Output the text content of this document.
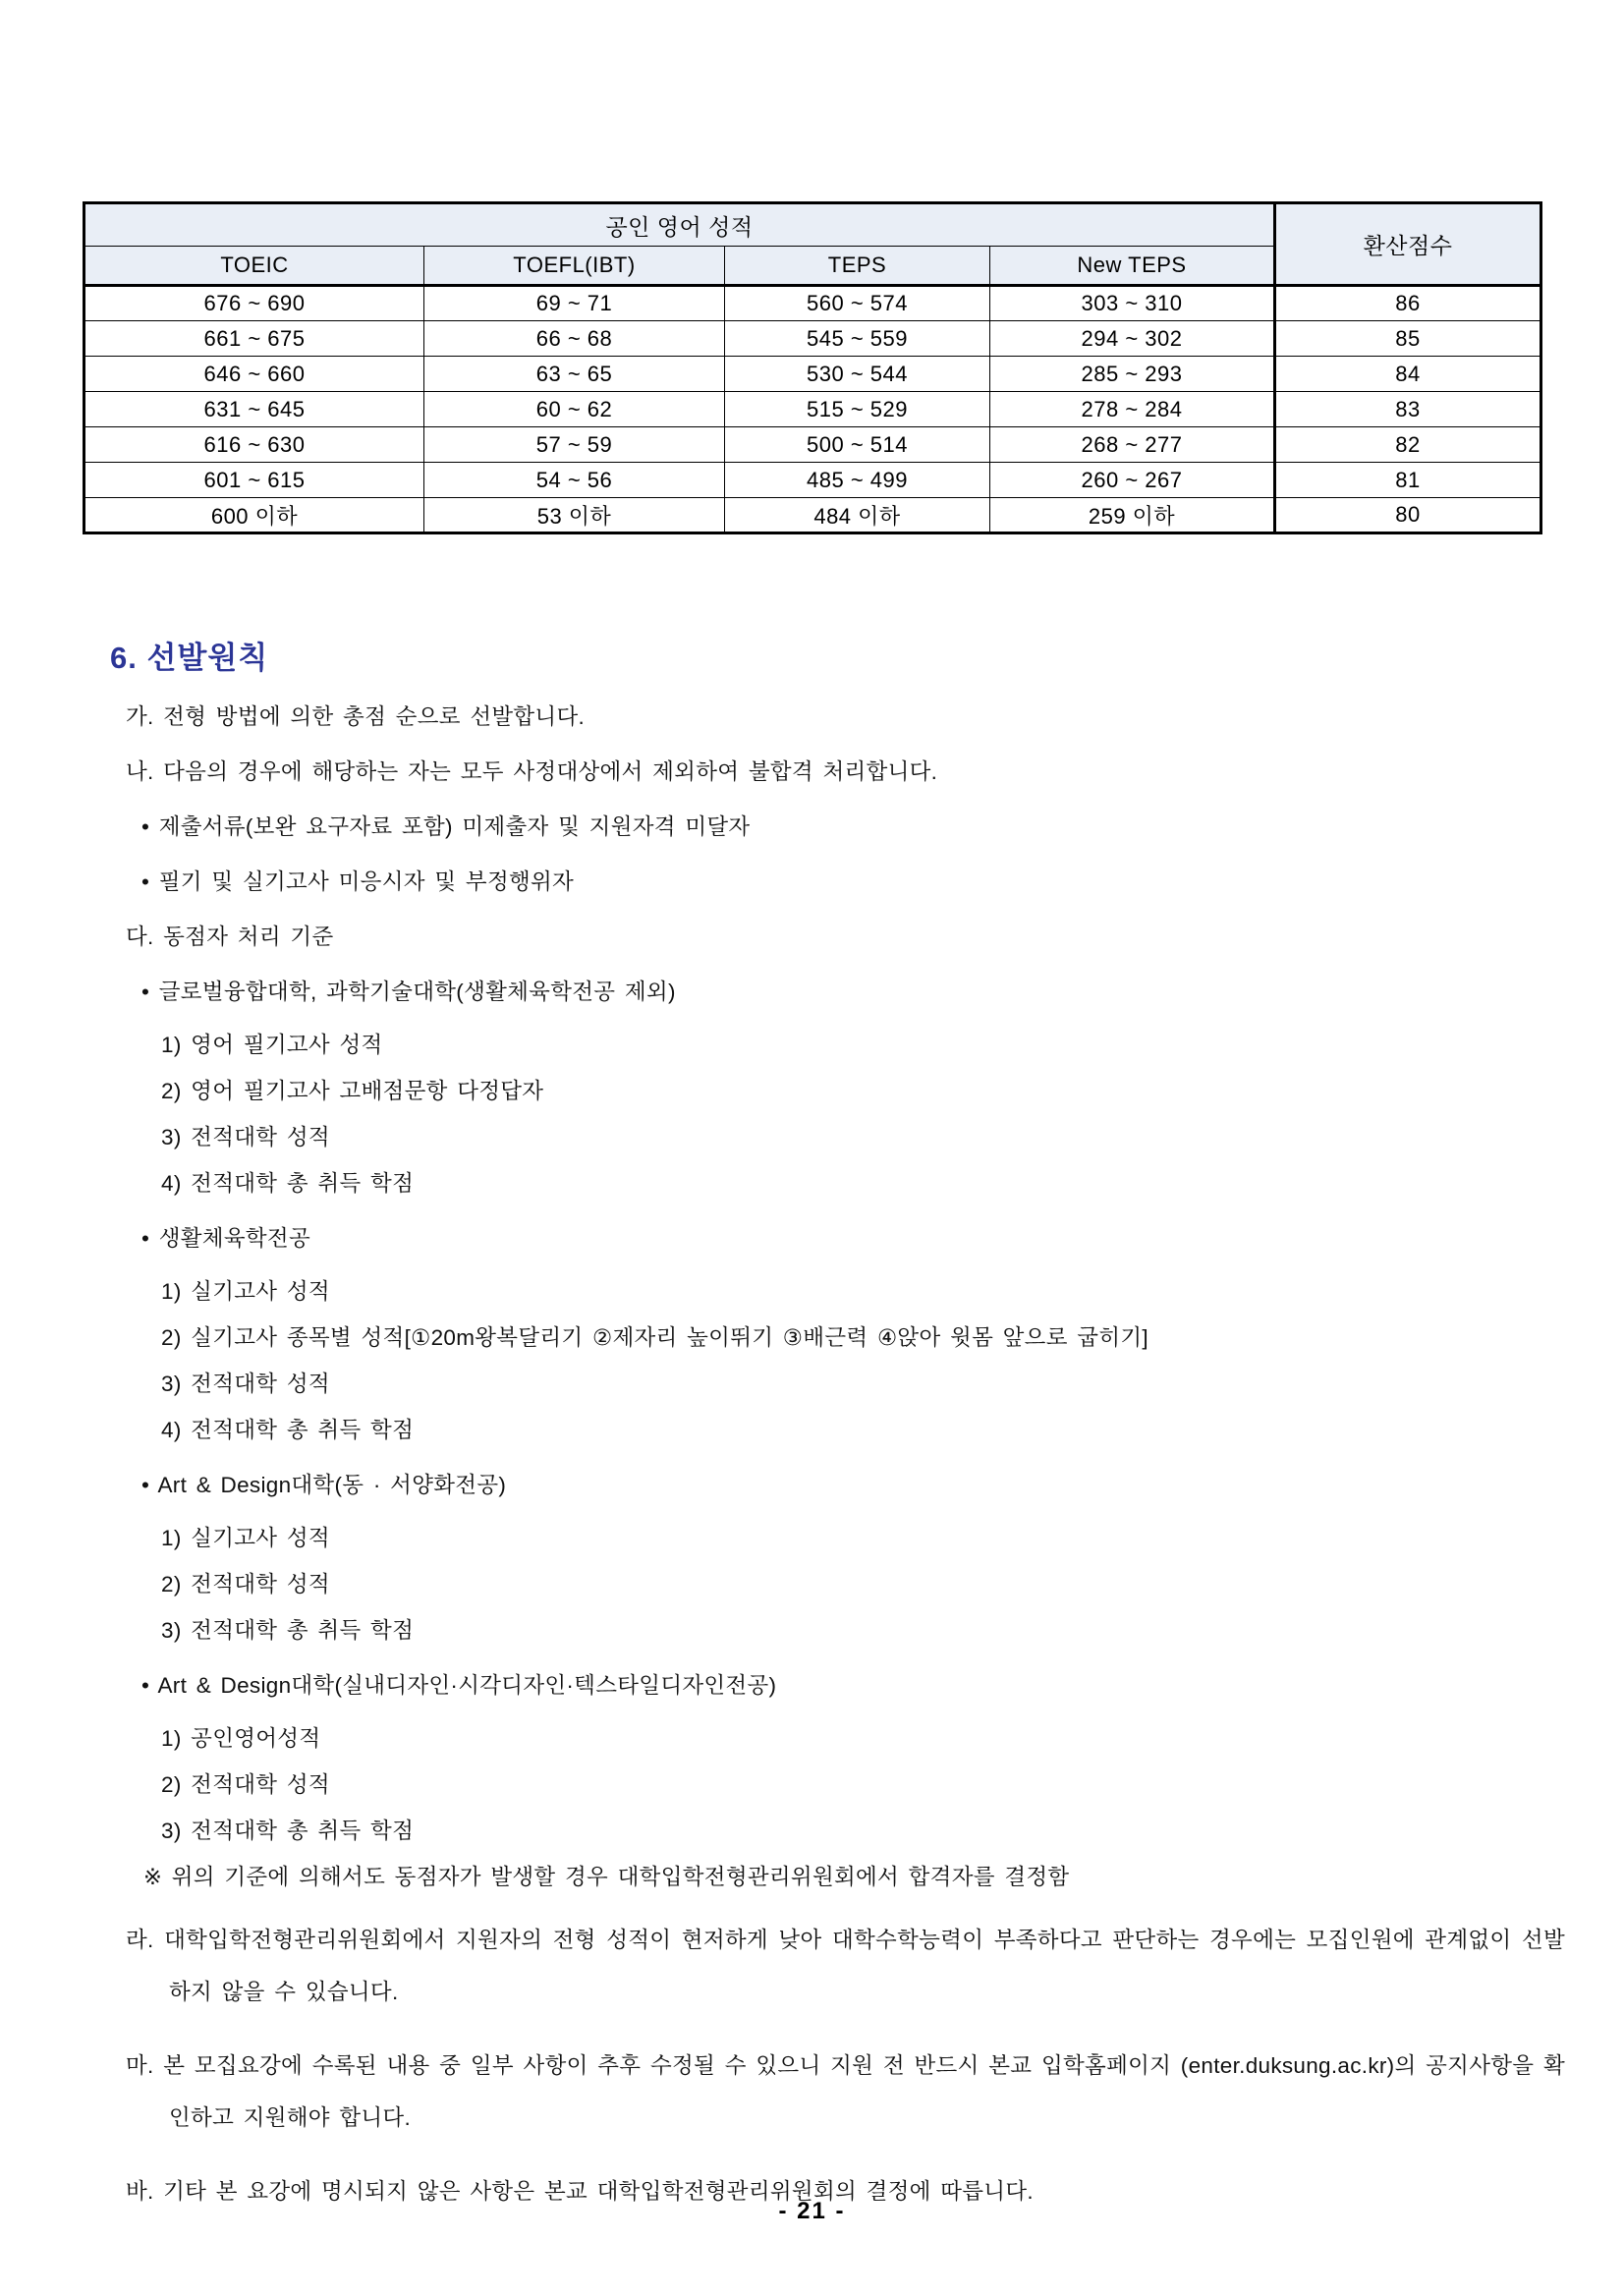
공인 영어 성적				환산점수
TOEIC	TOEFL(IBT)	TEPS	New TEPS	
676 ~ 690	69 ~ 71	560 ~ 574	303 ~ 310	86
661 ~ 675	66 ~ 68	545 ~ 559	294 ~ 302	85
646 ~ 660	63 ~ 65	530 ~ 544	285 ~ 293	84
631 ~ 645	60 ~ 62	515 ~ 529	278 ~ 284	83
616 ~ 630	57 ~ 59	500 ~ 514	268 ~ 277	82
601 ~ 615	54 ~ 56	485 ~ 499	260 ~ 267	81
600 이하	53 이하	484 이하	259 이하	80
6. 선발원칙
가. 전형 방법에 의한 총점 순으로 선발합니다.
나. 다음의 경우에 해당하는 자는 모두 사정대상에서 제외하여 불합격 처리합니다.
• 제출서류(보완 요구자료 포함) 미제출자 및 지원자격 미달자
• 필기 및 실기고사 미응시자 및 부정행위자
다. 동점자 처리 기준
• 글로벌융합대학, 과학기술대학(생활체육학전공 제외)
1) 영어 필기고사 성적
2) 영어 필기고사 고배점문항 다정답자
3) 전적대학 성적
4) 전적대학 총 취득 학점
• 생활체육학전공
1) 실기고사 성적
2) 실기고사 종목별 성적[①20m왕복달리기 ②제자리 높이뛰기 ③배근력 ④앉아 윗몸 앞으로 굽히기]
3) 전적대학 성적
4) 전적대학 총 취득 학점
• Art & Design대학(동 · 서양화전공)
1) 실기고사 성적
2) 전적대학 성적
3) 전적대학 총 취득 학점
• Art & Design대학(실내디자인·시각디자인·텍스타일디자인전공)
1) 공인영어성적
2) 전적대학 성적
3) 전적대학 총 취득 학점
※ 위의 기준에 의해서도 동점자가 발생할 경우 대학입학전형관리위원회에서 합격자를 결정함
라. 대학입학전형관리위원회에서 지원자의 전형 성적이 현저하게 낮아 대학수학능력이 부족하다고 판단하는 경우에는 모집인원에 관계없이 선발하지 않을 수 있습니다.
마. 본 모집요강에 수록된 내용 중 일부 사항이 추후 수정될 수 있으니 지원 전 반드시 본교 입학홈페이지 (enter.duksung.ac.kr)의 공지사항을 확인하고 지원해야 합니다.
바. 기타 본 요강에 명시되지 않은 사항은 본교 대학입학전형관리위원회의 결정에 따릅니다.
- 21 -
